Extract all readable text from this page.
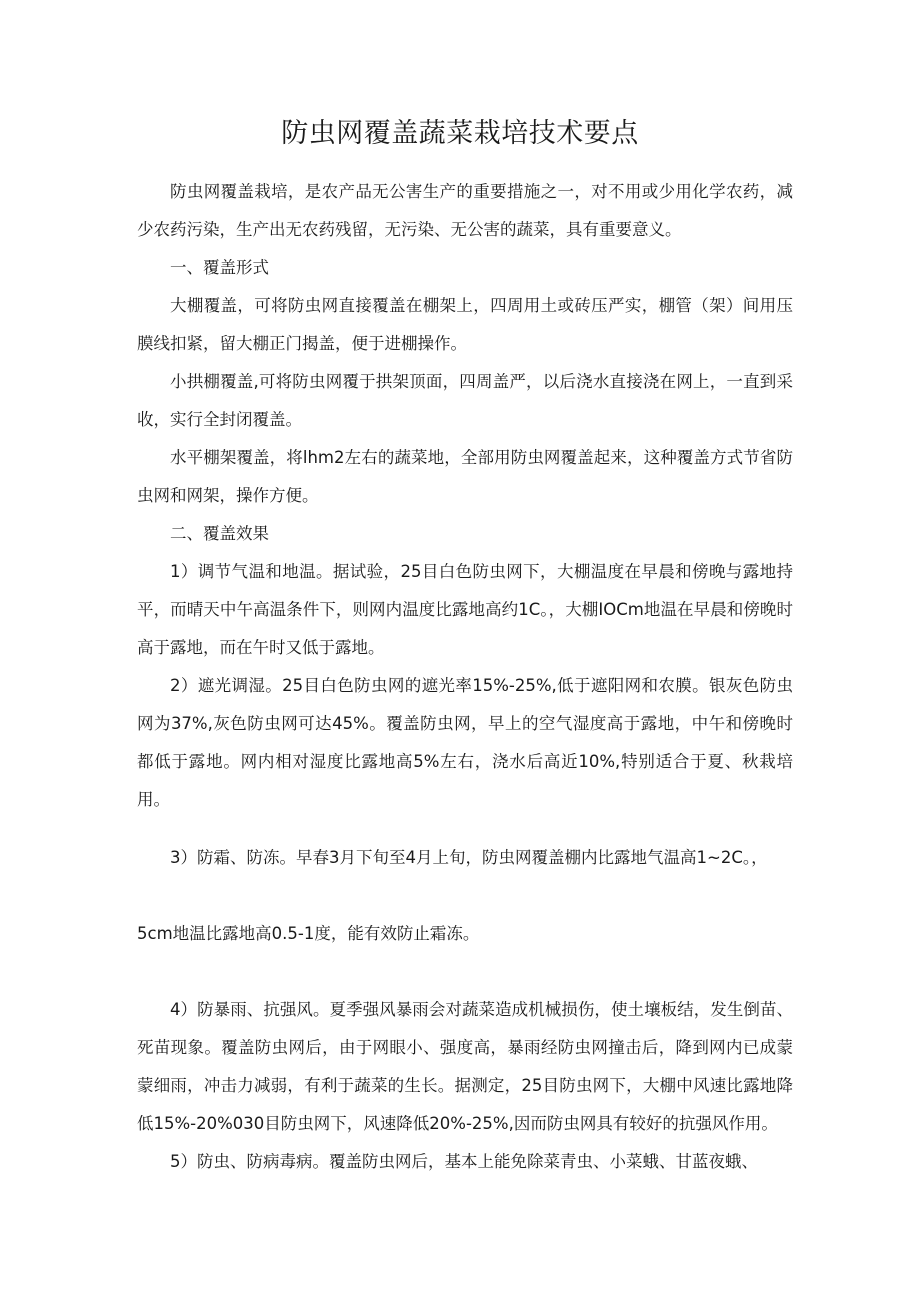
防虫网覆盖蔬菜栽培技术要点

防虫网覆盖栽培，是农产品无公害生产的重要措施之一，对不用或少用化学农药，减少农药污染，生产出无农药残留，无污染、无公害的蔬菜，具有重要意义。

一、覆盖形式

大棚覆盖，可将防虫网直接覆盖在棚架上，四周用土或砖压严实，棚管（架）间用压膜线扣紧，留大棚正门揭盖，便于进棚操作。

小拱棚覆盖,可将防虫网覆于拱架顶面，四周盖严，以后浇水直接浇在网上，一直到采收，实行全封闭覆盖。

水平棚架覆盖，将lhm2左右的蔬菜地，全部用防虫网覆盖起来，这种覆盖方式节省防虫网和网架，操作方便。

二、覆盖效果

1）调节气温和地温。据试验，25目白色防虫网下，大棚温度在早晨和傍晚与露地持平，而晴天中午高温条件下，则网内温度比露地高约1C。，大棚IOCm地温在早晨和傍晚时高于露地，而在午时又低于露地。

2）遮光调湿。25目白色防虫网的遮光率15%-25%,低于遮阳网和农膜。银灰色防虫网为37%,灰色防虫网可达45%。覆盖防虫网，早上的空气湿度高于露地，中午和傍晚时都低于露地。网内相对湿度比露地高5%左右，浇水后高近10%,特别适合于夏、秋栽培用。

3）防霜、防冻。早春3月下旬至4月上旬，防虫网覆盖棚内比露地气温高1~2C。，

5cm地温比露地高0.5-1度，能有效防止霜冻。

4）防暴雨、抗强风。夏季强风暴雨会对蔬菜造成机械损伤，使土壤板结，发生倒苗、死苗现象。覆盖防虫网后，由于网眼小、强度高，暴雨经防虫网撞击后，降到网内已成蒙蒙细雨，冲击力减弱，有利于蔬菜的生长。据测定，25目防虫网下，大棚中风速比露地降低15%-20%030目防虫网下，风速降低20%-25%,因而防虫网具有较好的抗强风作用。

5）防虫、防病毒病。覆盖防虫网后，基本上能免除菜青虫、小菜蛾、甘蓝夜蛾、
